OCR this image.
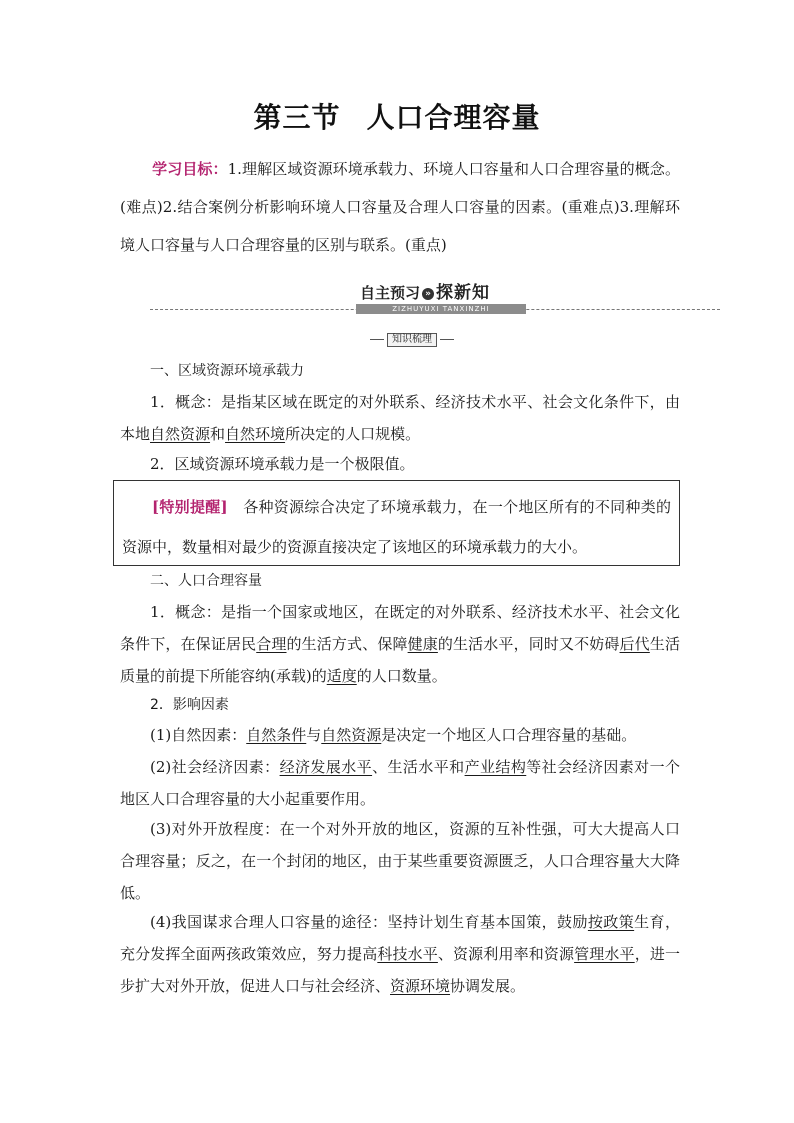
第三节 人口合理容量
学习目标：1.理解区域资源环境承载力、环境人口容量和人口合理容量的概念。(难点)2.结合案例分析影响环境人口容量及合理人口容量的因素。(重难点)3.理解环境人口容量与人口合理容量的区别与联系。(重点)
自主预习 » 探新知
ZIZHUYUXI TANXINZHI
知识梳理
一、区域资源环境承载力
1．概念：是指某区域在既定的对外联系、经济技术水平、社会文化条件下，由本地自然资源和自然环境所决定的人口规模。
2．区域资源环境承载力是一个极限值。
[特别提醒]　各种资源综合决定了环境承载力，在一个地区所有的不同种类的资源中，数量相对最少的资源直接决定了该地区的环境承载力的大小。
二、人口合理容量
1．概念：是指一个国家或地区，在既定的对外联系、经济技术水平、社会文化条件下，在保证居民合理的生活方式、保障健康的生活水平，同时又不妨碍后代生活质量的前提下所能容纳(承载)的适度的人口数量。
2．影响因素
(1)自然因素：自然条件与自然资源是决定一个地区人口合理容量的基础。
(2)社会经济因素：经济发展水平、生活水平和产业结构等社会经济因素对一个地区人口合理容量的大小起重要作用。
(3)对外开放程度：在一个对外开放的地区，资源的互补性强，可大大提高人口合理容量；反之，在一个封闭的地区，由于某些重要资源匮乏，人口合理容量大大降低。
(4)我国谋求合理人口容量的途径：坚持计划生育基本国策，鼓励按政策生育，充分发挥全面两孩政策效应，努力提高科技水平、资源利用率和资源管理水平，进一步扩大对外开放，促进人口与社会经济、资源环境协调发展。
